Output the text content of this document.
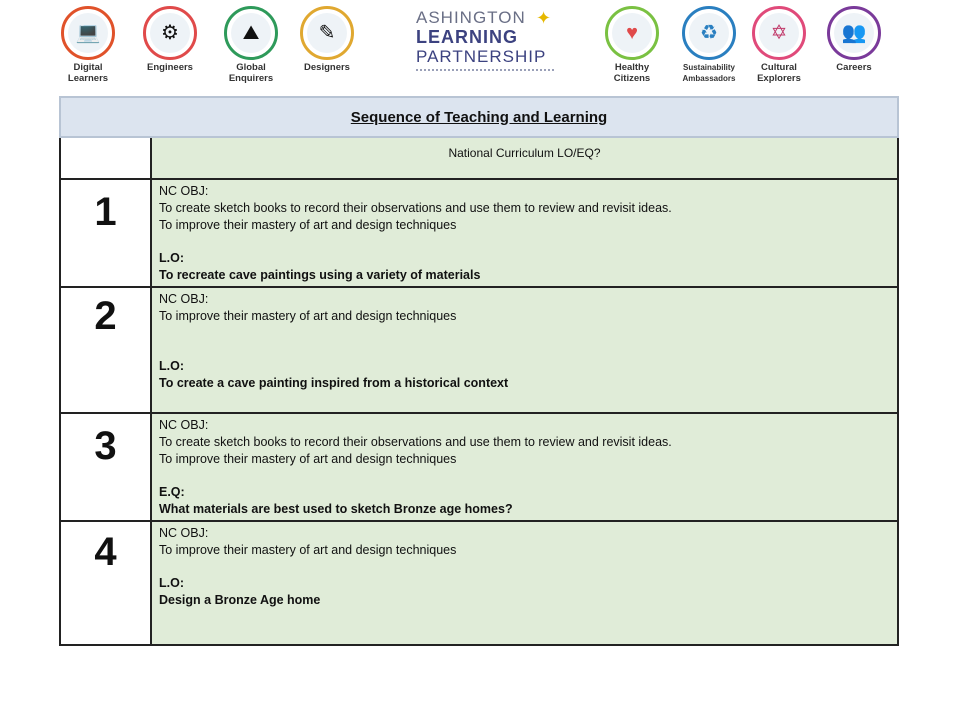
💻
Digital
Learners
⚙
Engineers
⛰
Global
Enquirers
✎
Designers
ASHINGTON ✦
LEARNING
PARTNERSHIP
♥
Healthy
Citizens
♻
Sustainability
Ambassadors
✡
Cultural
Explorers
👥
Careers
Sequence of Teaching and Learning	
	National Curriculum LO/EQ?

1	NC OBJ:
To create sketch books to record their observations and use them to review and revisit ideas.
To improve their mastery of art and design techniques
L.O:
To recreate cave paintings using a variety of materials

2	NC OBJ:
To improve their mastery of art and design techniques
L.O:
To create a cave painting inspired from a historical context

3	NC OBJ:
To create sketch books to record their observations and use them to review and revisit ideas.
To improve their mastery of art and design techniques
E.Q:
What materials are best used to sketch Bronze age homes?

4	NC OBJ:
To improve their mastery of art and design techniques
L.O:
Design a Bronze Age home
